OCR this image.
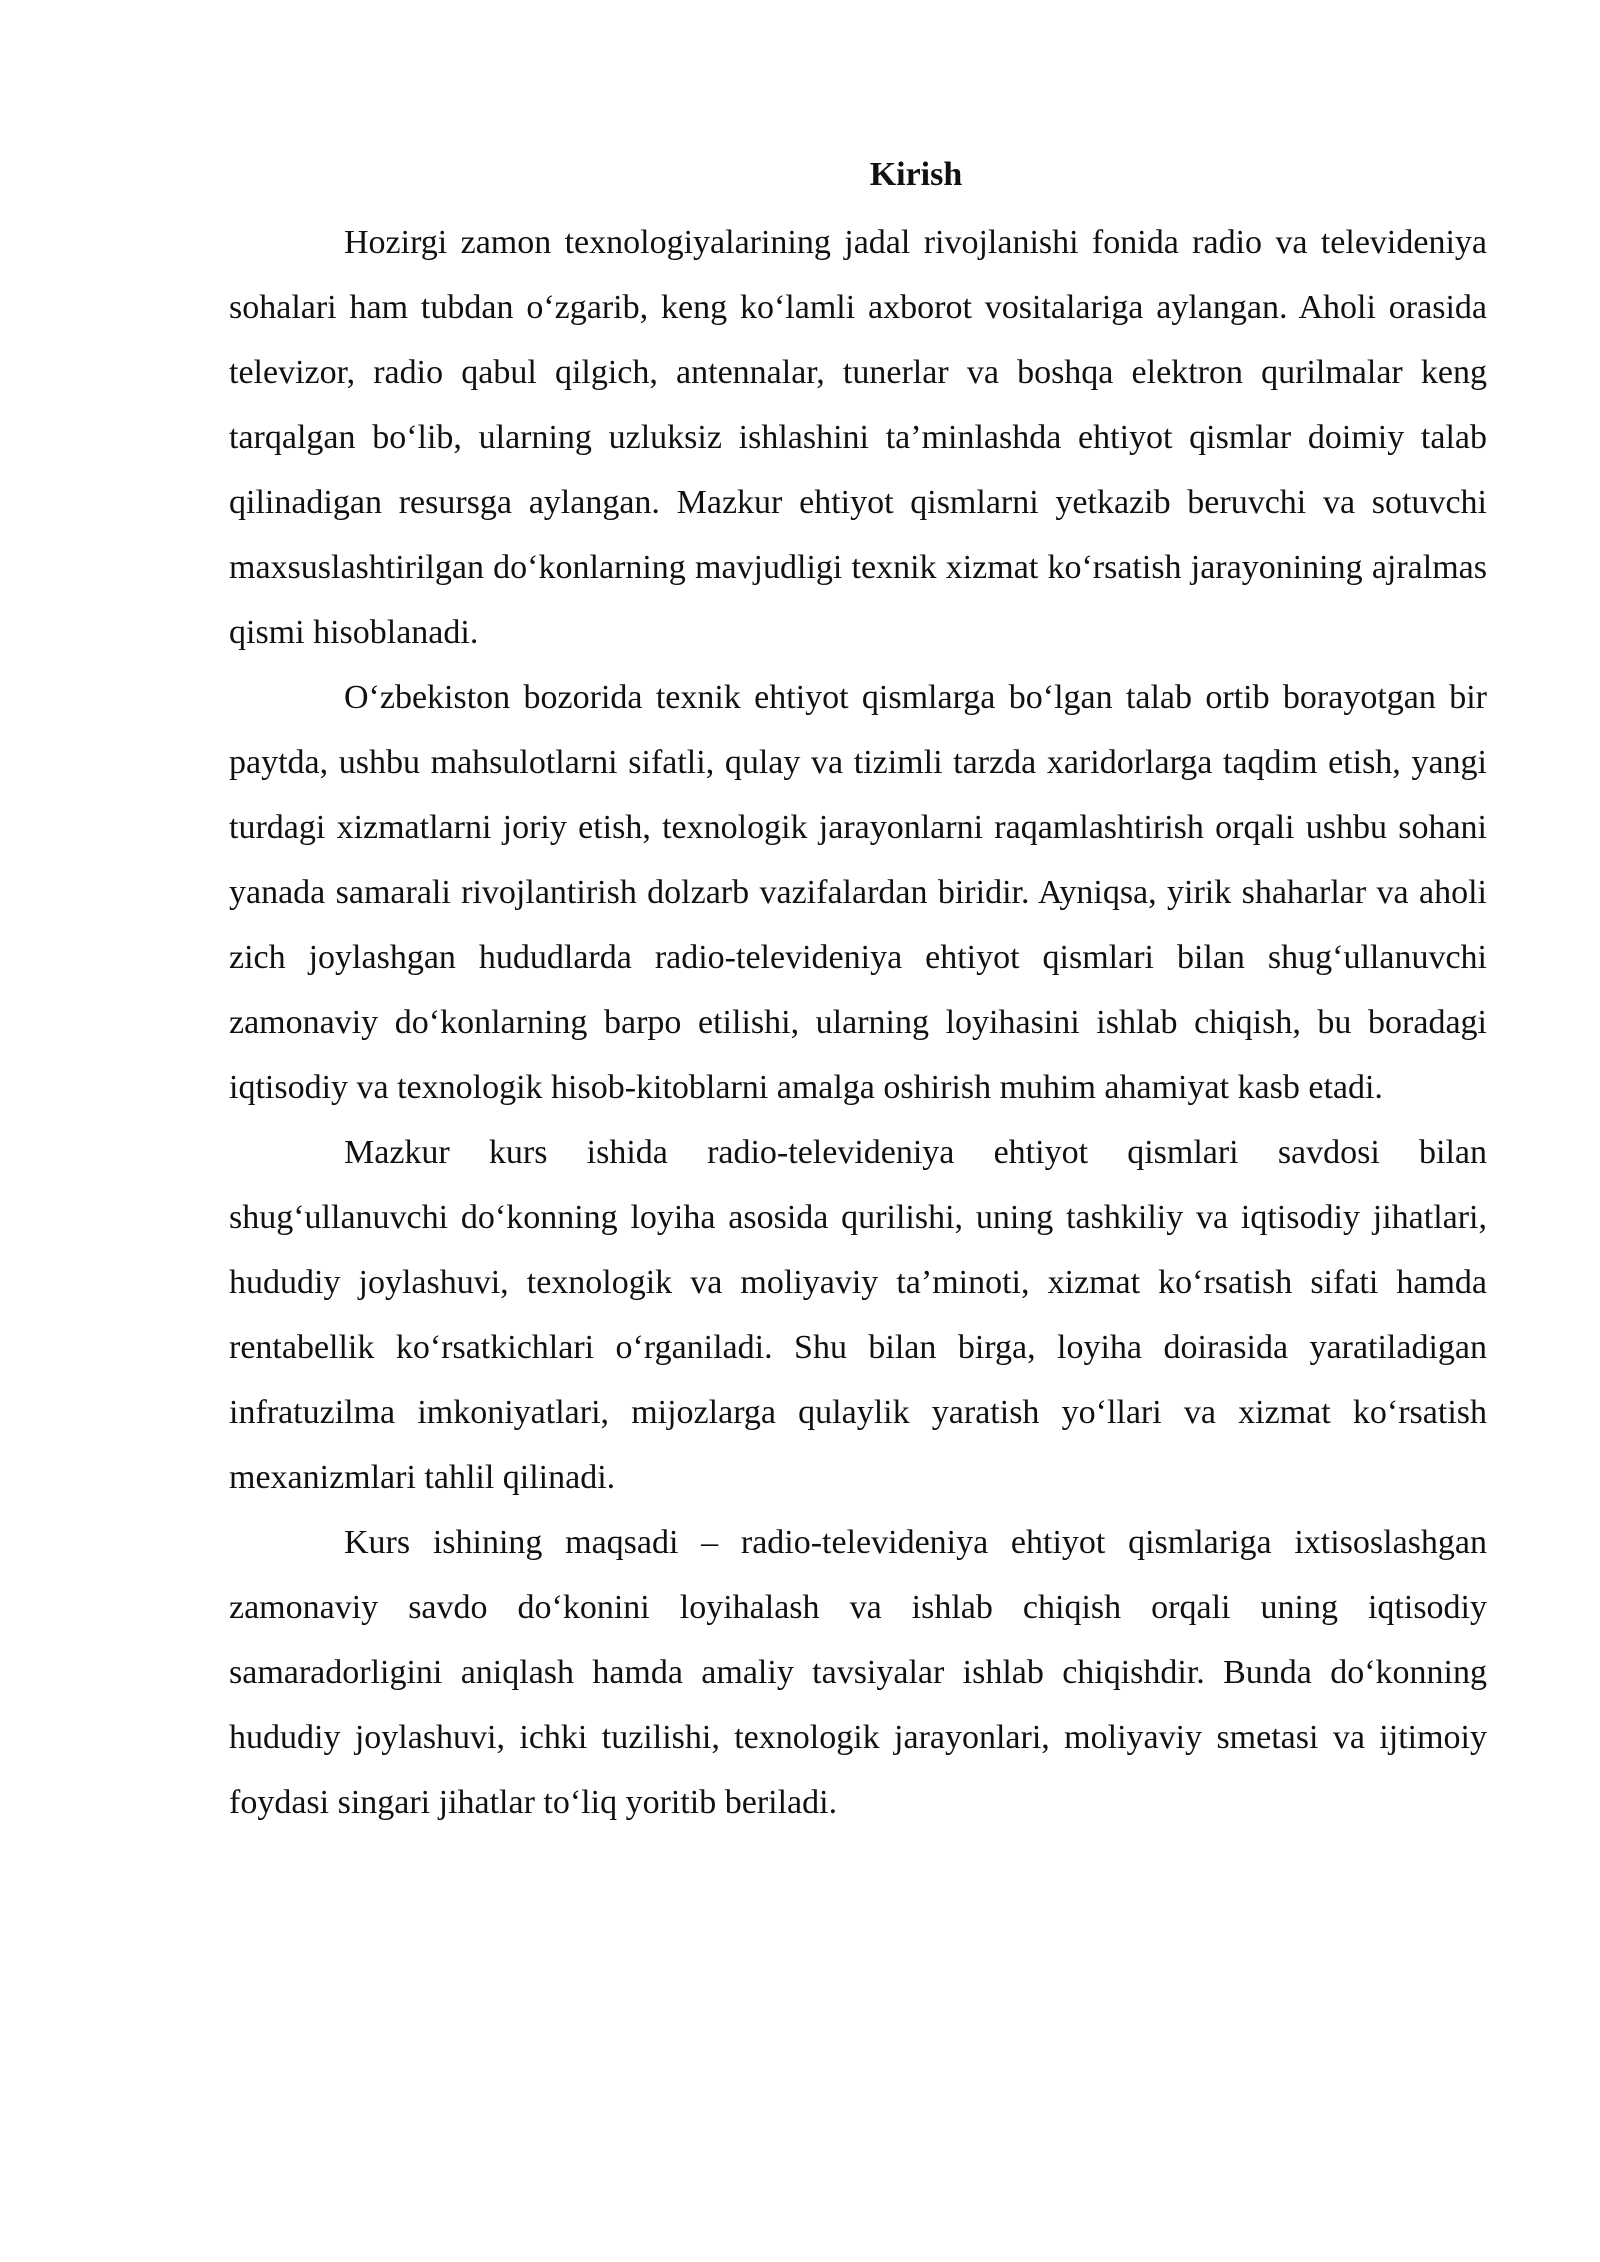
Kirish

Hozirgi zamon texnologiyalarining jadal rivojlanishi fonida radio va televideniya sohalari ham tubdan o‘zgarib, keng ko‘lamli axborot vositalariga aylangan. Aholi orasida televizor, radio qabul qilgich, antennalar, tunerlar va boshqa elektron qurilmalar keng tarqalgan bo‘lib, ularning uzluksiz ishlashini ta’minlashda ehtiyot qismlar doimiy talab qilinadigan resursga aylangan. Mazkur ehtiyot qismlarni yetkazib beruvchi va sotuvchi maxsuslashtirilgan do‘konlarning mavjudligi texnik xizmat ko‘rsatish jarayonining ajralmas qismi hisoblanadi.

O‘zbekiston bozorida texnik ehtiyot qismlarga bo‘lgan talab ortib borayotgan bir paytda, ushbu mahsulotlarni sifatli, qulay va tizimli tarzda xaridorlarga taqdim etish, yangi turdagi xizmatlarni joriy etish, texnologik jarayonlarni raqamlashtirish orqali ushbu sohani yanada samarali rivojlantirish dolzarb vazifalardan biridir. Ayniqsa, yirik shaharlar va aholi zich joylashgan hududlarda radio-televideniya ehtiyot qismlari bilan shug‘ullanuvchi zamonaviy do‘konlarning barpo etilishi, ularning loyihasini ishlab chiqish, bu boradagi iqtisodiy va texnologik hisob-kitoblarni amalga oshirish muhim ahamiyat kasb etadi.

Mazkur kurs ishida radio-televideniya ehtiyot qismlari savdosi bilan shug‘ullanuvchi do‘konning loyiha asosida qurilishi, uning tashkiliy va iqtisodiy jihatlari, hududiy joylashuvi, texnologik va moliyaviy ta’minoti, xizmat ko‘rsatish sifati hamda rentabellik ko‘rsatkichlari o‘rganiladi. Shu bilan birga, loyiha doirasida yaratiladigan infratuzilma imkoniyatlari, mijozlarga qulaylik yaratish yo‘llari va xizmat ko‘rsatish mexanizmlari tahlil qilinadi.

Kurs ishining maqsadi – radio-televideniya ehtiyot qismlariga ixtisoslashgan zamonaviy savdo do‘konini loyihalash va ishlab chiqish orqali uning iqtisodiy samaradorligini aniqlash hamda amaliy tavsiyalar ishlab chiqishdir. Bunda do‘konning hududiy joylashuvi, ichki tuzilishi, texnologik jarayonlari, moliyaviy smetasi va ijtimoiy foydasi singari jihatlar to‘liq yoritib beriladi.
